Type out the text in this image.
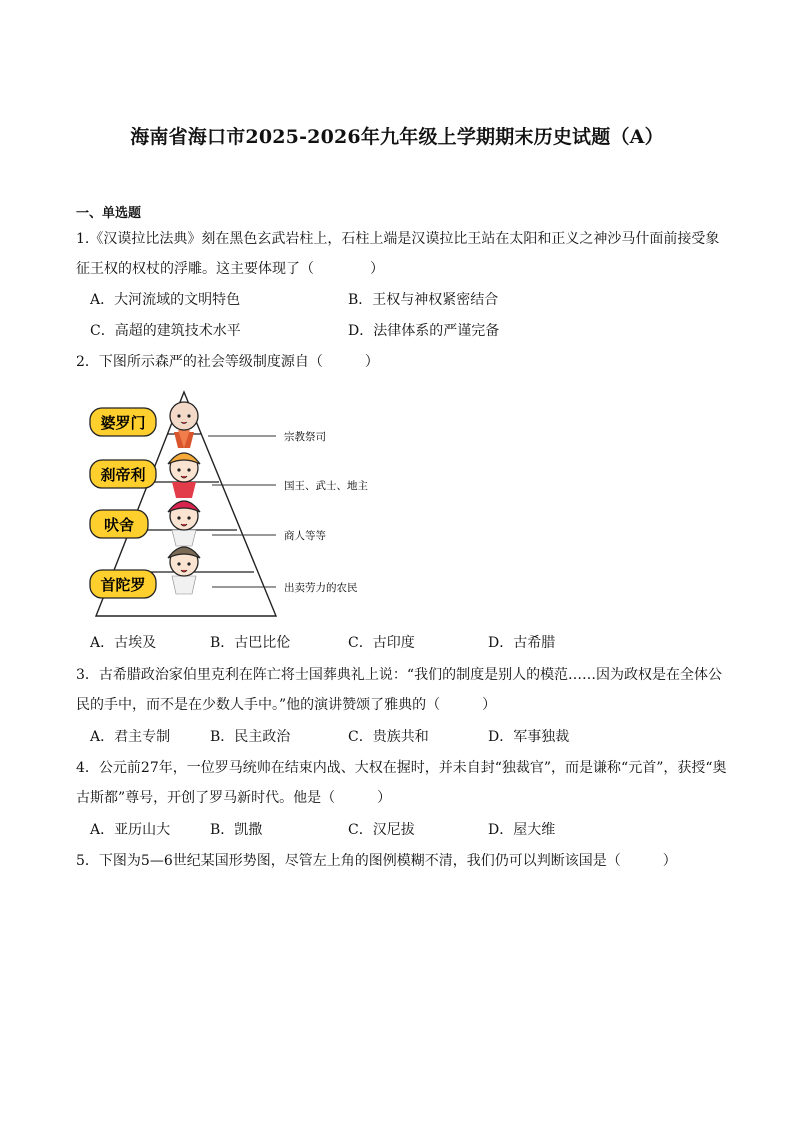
海南省海口市2025-2026年九年级上学期期末历史试题（A）
一、单选题
1.《汉谟拉比法典》刻在黑色玄武岩柱上，石柱上端是汉谟拉比王站在太阳和正义之神沙马什面前接受象
征王权的权杖的浮雕。这主要体现了（　　　　）
A．大河流域的文明特色	B．王权与神权紧密结合
C．高超的建筑技术水平	D．法律体系的严谨完备
2．下图所示森严的社会等级制度源自（　　　）
婆罗门
刹帝利
吠舍
首陀罗
宗教祭司
国王、武士、地主
商人等等
出卖劳力的农民
A．古埃及	B．古巴比伦	C．古印度	D．古希腊
3．古希腊政治家伯里克利在阵亡将士国葬典礼上说：“我们的制度是别人的模范……因为政权是在全体公
民的手中，而不是在少数人手中。”他的演讲赞颂了雅典的（　　　）
A．君主专制	B．民主政治	C．贵族共和	D．军事独裁
4．公元前27年，一位罗马统帅在结束内战、大权在握时，并未自封“独裁官”，而是谦称“元首”，获授“奥
古斯都”尊号，开创了罗马新时代。他是（　　　）
A．亚历山大	B．凯撒	C．汉尼拔	D．屋大维
5．下图为5—6世纪某国形势图，尽管左上角的图例模糊不清，我们仍可以判断该国是（　　　）
